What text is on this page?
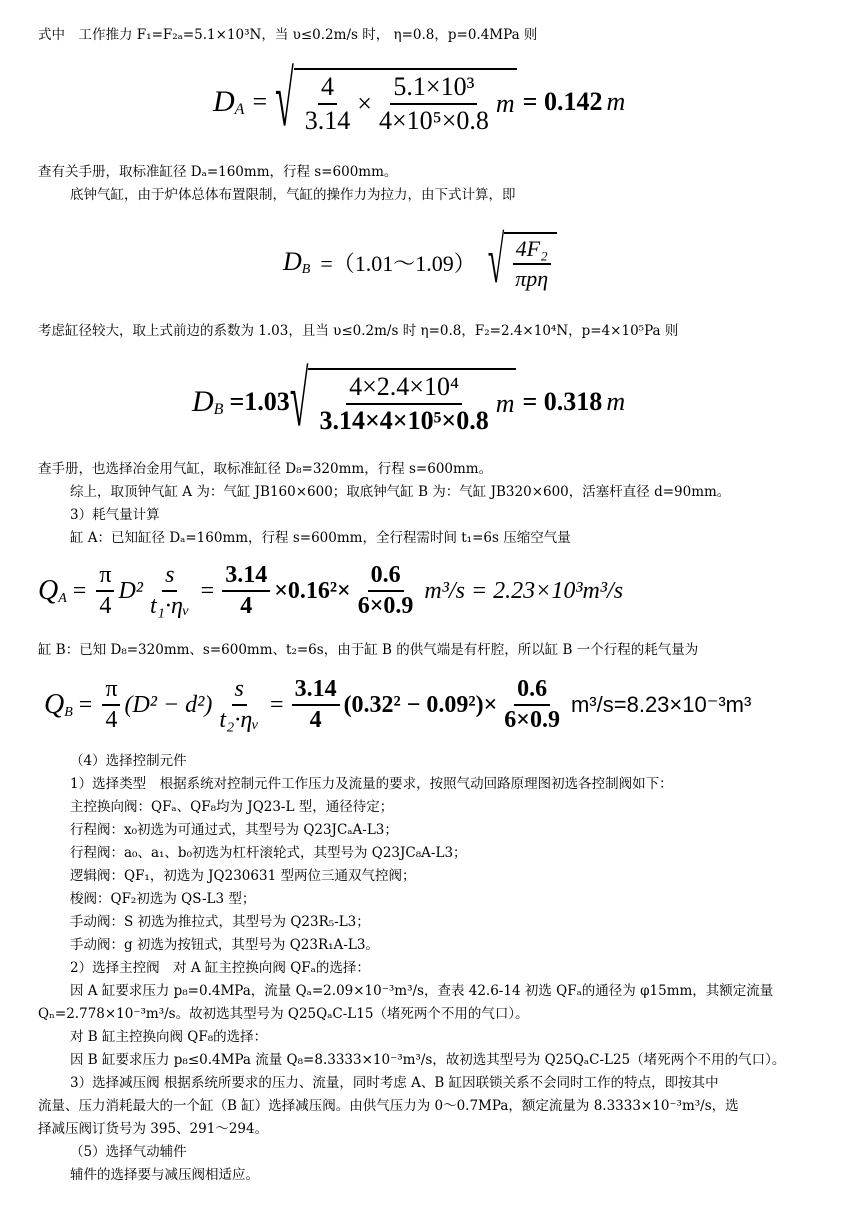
式中　工作推力 F₁=F₂ₐ=5.1×10³N，当 υ≤0.2m/s 时， η=0.8，p=0.4MPa 则
$D_A$ = √ $\frac{4}{3.14} \times \frac{\text{5.1×10³}}{\text{4×10⁵×0.8}}$ m = 0.142 m
查有关手册，取标准缸径 Dₐ=160mm，行程 s=600mm。
底钟气缸，由于炉体总体布置限制，气缸的操作力为拉力，由下式计算，即
$D_B$ =（1.01～1.09） √ $\frac{\text{4F₂}}{\text{πpη}}$
考虑缸径较大，取上式前边的系数为 1.03，且当 υ≤0.2m/s 时 η=0.8，F₂=2.4×10⁴N，p=4×10⁵Pa 则
$D_B =1.03$ √ $\frac{\text{4×2.4×10⁴}}{\text{3.14×4×10⁵×0.8}}$ m = 0.318 m
查手册，也选择冶金用气缸，取标准缸径 D₈=320mm，行程 s=600mm。
综上，取顶钟气缸 A 为：气缸 JB160×600；取底钟气缸 B 为：气缸 JB320×600，活塞杆直径 d=90mm。
3）耗气量计算
缸 A：已知缸径 Dₐ=160mm，行程 s=600mm，全行程需时间 t₁=6s 压缩空气量
$Q_A = \frac{\pi}{4} D^2 \frac{s}{\text{t₁·ηᵥ}} = \frac{3.14}{4} \times 0.16^2\times \frac{0.6}{6\times 0.9} m^3/s = 2.23\times 10^3m^3/s$
缸 B：已知 D₈=320mm、s=600mm、t₂=6s，由于缸 B 的供气端是有杆腔，所以缸 B 一个行程的耗气量为
$Q_B = \frac{\pi}{4} (D^2 - d^2) \frac{s}{\text{t₂·ηᵥ}} = \frac{3.14}{4} (0.32^2 - 0.09^2)\times \frac{0.6}{6\times 0.9} m^3/s=8.23\times 10^{-3}m^3$
（4）选择控制元件
1）选择类型　根据系统对控制元件工作压力及流量的要求，按照气动回路原理图初选各控制阀如下：
主控换向阀：QFₐ、QF₈均为 JQ23-L 型，通径待定；
行程阀：x₀初选为可通过式，其型号为 Q23JCₐA-L3；
行程阀：a₀、a₁、b₀初选为杠杆滚轮式，其型号为 Q23JC₈A-L3；
逻辑阀：QF₁，初选为 JQ230631 型两位三通双气控阀；
梭阀：QF₂初选为 QS-L3 型；
手动阀：S 初选为推拉式，其型号为 Q23R₅-L3；
手动阀：g 初选为按钮式，其型号为 Q23R₁A-L3。
2）选择主控阀　对 A 缸主控换向阀 QFₐ的选择：
因 A 缸要求压力 p₈=0.4MPa，流量 Qₐ=2.09×10⁻³m³/s，查表 42.6-14 初选 QFₐ的通径为 φ15mm，其额定流量
Qₙ=2.778×10⁻³m³/s。故初选其型号为 Q25QₐC-L15（堵死两个不用的气口）。
对 B 缸主控换向阀 QF₈的选择：
因 B 缸要求压力 p₈≤0.4MPa 流量 Q₈=8.3333×10⁻³m³/s，故初选其型号为 Q25QₐC-L25（堵死两个不用的气口）。
3）选择减压阀 根据系统所要求的压力、流量，同时考虑 A、B 缸因联锁关系不会同时工作的特点，即按其中
流量、压力消耗最大的一个缸（B 缸）选择减压阀。由供气压力为 0～0.7MPa，额定流量为 8.3333×10⁻³m³/s，选
择减压阀订货号为 395、291～294。
（5）选择气动辅件
辅件的选择要与减压阀相适应。
